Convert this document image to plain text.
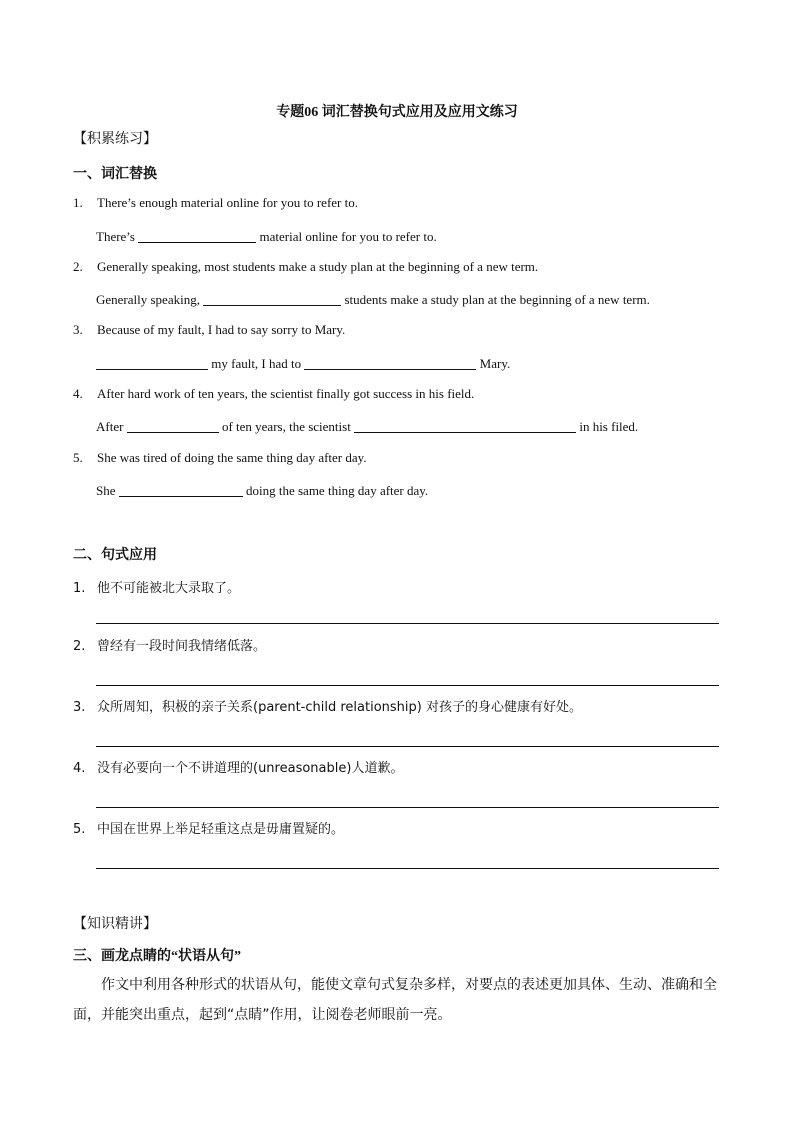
专题06 词汇替换句式应用及应用文练习
【积累练习】
一、词汇替换
1. There’s enough material online for you to refer to.
There’s	material online for you to refer to.
2. Generally speaking, most students make a study plan at the beginning of a new term.
Generally speaking,	students make a study plan at the beginning of a new term.
3. Because of my fault, I had to say sorry to Mary.
my fault, I had to	Mary.
4. After hard work of ten years, the scientist finally got success in his field.
After	of ten years, the scientist	in his filed.
5. She was tired of doing the same thing day after day.
She	doing the same thing day after day.
二、句式应用
1. 他不可能被北大录取了。
2. 曾经有一段时间我情绪低落。
3. 众所周知，积极的亲子关系(parent-child relationship) 对孩子的身心健康有好处。
4. 没有必要向一个不讲道理的(unreasonable)人道歉。
5. 中国在世界上举足轻重这点是毋庸置疑的。
【知识精讲】
三、画龙点睛的“状语从句”
　　作文中利用各种形式的状语从句，能使文章句式复杂多样，对要点的表述更加具体、生动、准确和全面，并能突出重点，起到“点睛”作用，让阅卷老师眼前一亮。
